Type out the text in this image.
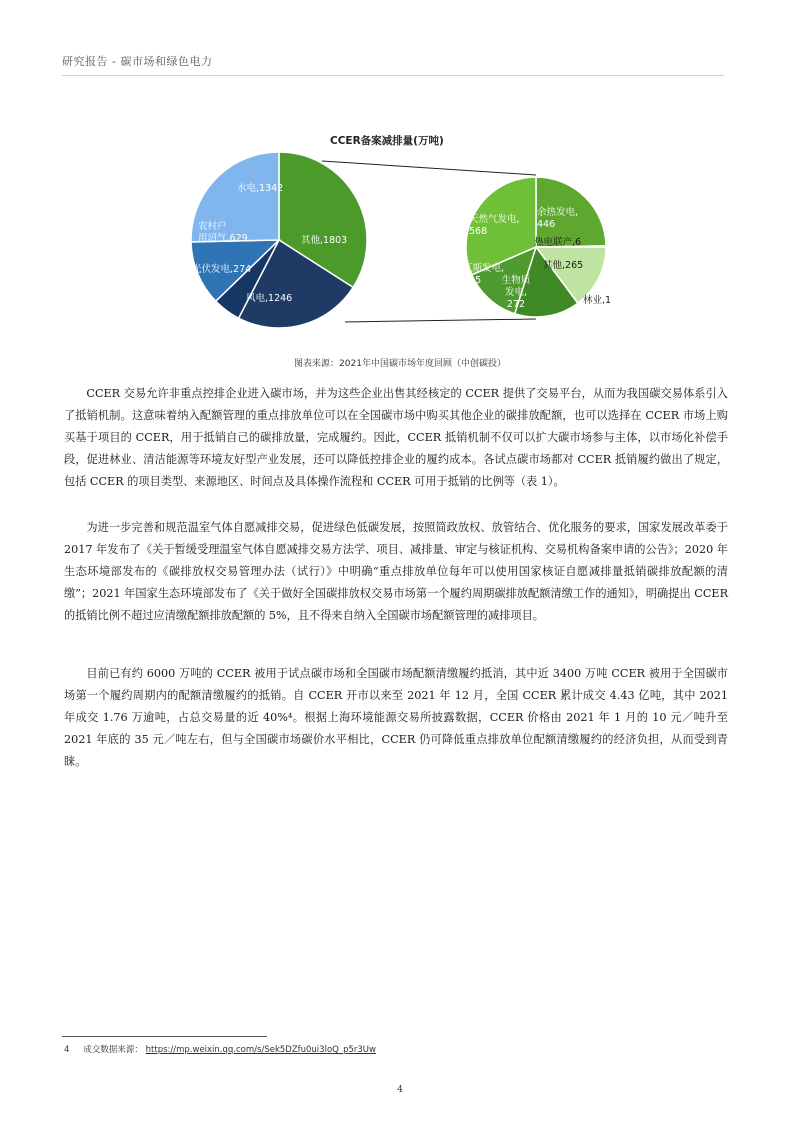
研究报告 - 碳市场和绿色电力
CCER备案减排量(万吨)
其他,1803
风电,1246
光伏发电,274
农村户
用沼气,629
水电,1342
天然气发电,
568
余热发电,
446
热电联产,6
其他,265
林业,1
生物质
发电,
272
瓦斯发电,
245
图表来源：2021年中国碳市场年度回顾（中创碳投）

CCER 交易允许非重点控排企业进入碳市场，并为这些企业出售其经核定的 CCER 提供了交易平台，从而为我国碳交易体系引入了抵销机制。这意味着纳入配额管理的重点排放单位可以在全国碳市场中购买其他企业的碳排放配额，也可以选择在 CCER 市场上购买基于项目的 CCER，用于抵销自己的碳排放量，完成履约。因此，CCER 抵销机制不仅可以扩大碳市场参与主体，以市场化补偿手段，促进林业、清洁能源等环境友好型产业发展，还可以降低控排企业的履约成本。各试点碳市场都对 CCER 抵销履约做出了规定，包括 CCER 的项目类型、来源地区、时间点及具体操作流程和 CCER 可用于抵销的比例等（表 1）。

为进一步完善和规范温室气体自愿减排交易，促进绿色低碳发展，按照简政放权、放管结合、优化服务的要求，国家发展改革委于 2017 年发布了《关于暂缓受理温室气体自愿减排交易方法学、项目、减排量、审定与核证机构、交易机构备案申请的公告》；2020 年生态环境部发布的《碳排放权交易管理办法（试行）》中明确“重点排放单位每年可以使用国家核证自愿减排量抵销碳排放配额的清缴”；2021 年国家生态环境部发布了《关于做好全国碳排放权交易市场第一个履约周期碳排放配额清缴工作的通知》，明确提出 CCER 的抵销比例不超过应清缴配额排放配额的 5%，且不得来自纳入全国碳市场配额管理的减排项目。

目前已有约 6000 万吨的 CCER 被用于试点碳市场和全国碳市场配额清缴履约抵消，其中近 3400 万吨 CCER 被用于全国碳市场第一个履约周期内的配额清缴履约的抵销。自 CCER 开市以来至 2021 年 12 月，全国 CCER 累计成交 4.43 亿吨，其中 2021 年成交 1.76 万逾吨，占总交易量的近 40%⁴。根据上海环境能源交易所披露数据，CCER 价格由 2021 年 1 月的 10 元／吨升至 2021 年底的 35 元／吨左右，但与全国碳市场碳价水平相比，CCER 仍可降低重点排放单位配额清缴履约的经济负担，从而受到青睐。

4 成交数据来源： https://mp.weixin.qq.com/s/Sek5DZfu0ui3loQ_p5r3Uw
4
